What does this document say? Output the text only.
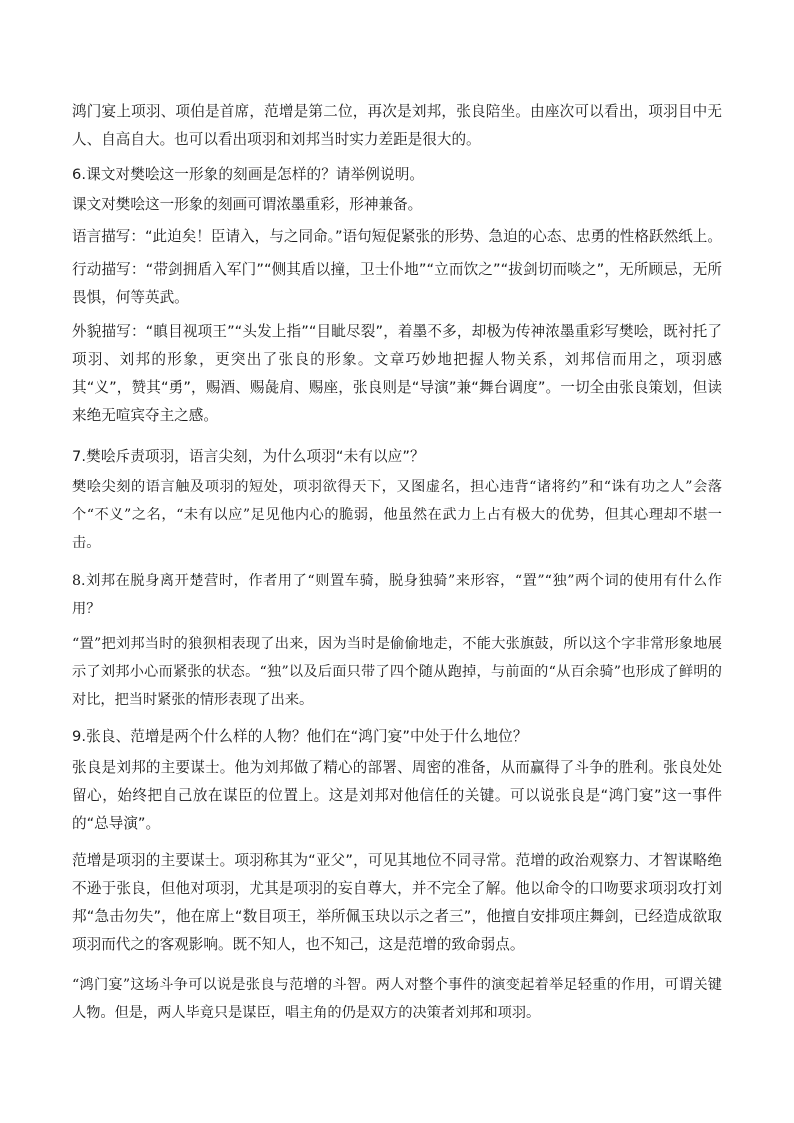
鸿门宴上项羽、项伯是首席，范增是第二位，再次是刘邦，张良陪坐。由座次可以看出，项羽目中无人、自高自大。也可以看出项羽和刘邦当时实力差距是很大的。

6.课文对樊哙这一形象的刻画是怎样的？请举例说明。

课文对樊哙这一形象的刻画可谓浓墨重彩，形神兼备。

语言描写：“此迫矣！臣请入，与之同命。”语句短促紧张的形势、急迫的心态、忠勇的性格跃然纸上。

行动描写：“带剑拥盾入军门”“侧其盾以撞，卫士仆地”“立而饮之”“拔剑切而啖之”，无所顾忌，无所畏惧，何等英武。

外貌描写：“瞋目视项王”“头发上指”“目眦尽裂”，着墨不多，却极为传神浓墨重彩写樊哙，既衬托了项羽、刘邦的形象，更突出了张良的形象。文章巧妙地把握人物关系，刘邦信而用之，项羽感其“义”，赞其“勇”，赐酒、赐彘肩、赐座，张良则是“导演”兼“舞台调度”。一切全由张良策划，但读来绝无喧宾夺主之感。

7.樊哙斥责项羽，语言尖刻，为什么项羽“未有以应”？

樊哙尖刻的语言触及项羽的短处，项羽欲得天下，又图虚名，担心违背“诸将约”和“诛有功之人”会落个“不义”之名，“未有以应”足见他内心的脆弱，他虽然在武力上占有极大的优势，但其心理却不堪一击。

8.刘邦在脱身离开楚营时，作者用了“则置车骑，脱身独骑”来形容，“置”“独”两个词的使用有什么作用？

“置”把刘邦当时的狼狈相表现了出来，因为当时是偷偷地走，不能大张旗鼓，所以这个字非常形象地展示了刘邦小心而紧张的状态。“独”以及后面只带了四个随从跑掉，与前面的“从百余骑”也形成了鲜明的对比，把当时紧张的情形表现了出来。

9.张良、范增是两个什么样的人物？他们在“鸿门宴”中处于什么地位？

张良是刘邦的主要谋士。他为刘邦做了精心的部署、周密的准备，从而赢得了斗争的胜利。张良处处留心，始终把自己放在谋臣的位置上。这是刘邦对他信任的关键。可以说张良是“鸿门宴”这一事件的“总导演”。

范增是项羽的主要谋士。项羽称其为“亚父”，可见其地位不同寻常。范增的政治观察力、才智谋略绝不逊于张良，但他对项羽，尤其是项羽的妄自尊大，并不完全了解。他以命令的口吻要求项羽攻打刘邦“急击勿失”，他在席上“数目项王，举所佩玉玦以示之者三”，他擅自安排项庄舞剑，已经造成欲取项羽而代之的客观影响。既不知人，也不知己，这是范增的致命弱点。

“鸿门宴”这场斗争可以说是张良与范增的斗智。两人对整个事件的演变起着举足轻重的作用，可谓关键人物。但是，两人毕竟只是谋臣，唱主角的仍是双方的决策者刘邦和项羽。
